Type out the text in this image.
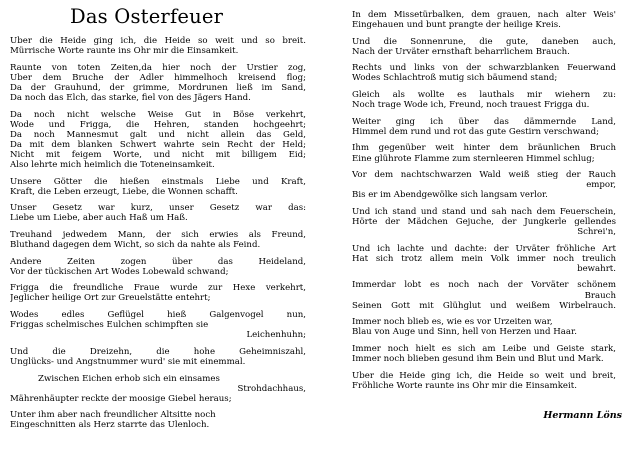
Das Osterfeuer
Über die Heide ging ich, die Heide so weit und so breit.
Mürrische Worte raunte ins Ohr mir die Einsamkeit.
Raunte von toten Zeiten,da hier noch der Urstier zog,
Über dem Bruche der Adler himmelhoch kreisend flog;
Da der Grauhund, der grimme, Mordrunen ließ im Sand,
Da noch das Elch, das starke, fiel von des Jägers Hand.
Da noch nicht welsche Weise Gut in Böse verkehrt,
Wode und Frigga, die Hehren, standen hochgeehrt;
Da noch Mannesmut galt und nicht allein das Geld,
Da mit dem blanken Schwert wahrte sein Recht der Held;
Nicht mit feigem Worte, und nicht mit billigem Eid;
Also lehrte mich heimlich die Toteneinsamkeit.
Unsere Götter die hießen einstmals Liebe und Kraft,
Kraft, die Leben erzeugt, Liebe, die Wonnen schafft.
Unser Gesetz war kurz, unser Gesetz war das:
Liebe um Liebe, aber auch Haß um Haß.
Treuhand jedwedem Mann, der sich erwies als Freund,
Bluthand dagegen dem Wicht, so sich da nahte als Feind.
Andere Zeiten zogen über das Heideland,
Vor der tückischen Art Wodes Lobewald schwand;
Frigga die freundliche Fraue wurde zur Hexe verkehrt,
Jeglicher heilige Ort zur Greuelstätte entehrt;
Wodes edles Geflügel hieß Galgenvogel nun,
Friggas schelmisches Eulchen schimpften sie
Leichenhuhn;
Und die Dreizehn, die hohe Geheimniszahl,
Unglücks- und Angstnummer wurd' sie mit einemmal.
Zwischen Eichen erhob sich ein einsames
Strohdachhaus,
Mährenhäupter reckte der moosige Giebel heraus;
Unter ihm aber nach freundlicher Altsitte noch
Eingeschnitten als Herz starrte das Ulenloch.
In dem Missetürbalken, dem grauen, nach alter Weis'
Eingehauen und bunt prangte der heilige Kreis.
Und die Sonnenrune, die gute, daneben auch,
Nach der Urväter ernsthaft beharrlichem Brauch.
Rechts und links von der schwarzblanken Feuerwand
Wodes Schlachtroß mutig sich bäumend stand;
Gleich als wollte es lauthals mir wiehern zu:
Noch trage Wode ich, Freund, noch trauest Frigga du.
Weiter ging ich über das dämmernde Land,
Himmel dem rund und rot das gute Gestirn verschwand;
Ihm gegenüber weit hinter dem bräunlichen Bruch
Eine glührote Flamme zum sternleeren Himmel schlug;
Vor dem nachtschwarzen Wald weiß stieg der Rauch
empor,
Bis er im Abendgewölke sich langsam verlor.
Und ich stand und stand und sah nach dem Feuerschein,
Hörte der Mädchen Gejuche, der Jungkerle gellendes
Schrei'n,
Und ich lachte und dachte: der Urväter fröhliche Art
Hat sich trotz allem mein Volk immer noch treulich
bewahrt.
Immerdar lobt es noch nach der Vorväter schönem
Brauch
Seinen Gott mit Glühglut und weißem Wirbelrauch.
Immer noch blieb es, wie es vor Urzeiten war,
Blau von Auge und Sinn, hell von Herzen und Haar.
Immer noch hielt es sich am Leibe und Geiste stark,
Immer noch blieben gesund ihm Bein und Blut und Mark.
Über die Heide ging ich, die Heide so weit und breit,
Fröhliche Worte raunte ins Ohr mir die Einsamkeit.
Hermann Löns
